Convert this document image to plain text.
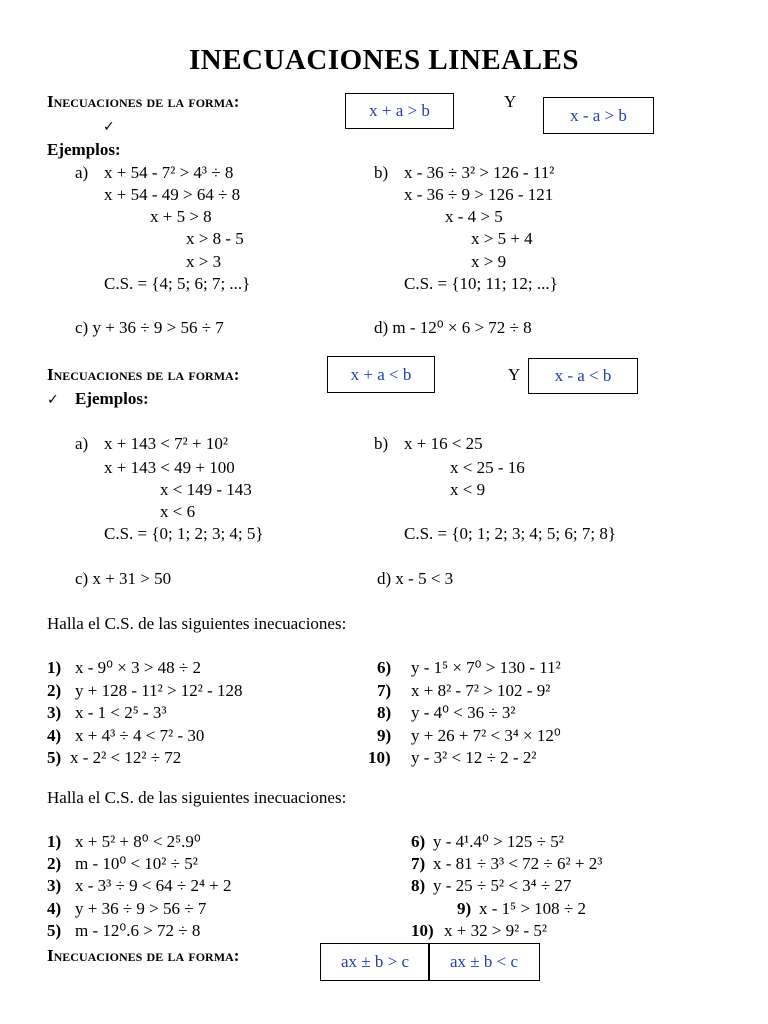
INECUACIONES LINEALES
Inecuaciones de la forma:	x + a > b	Y
x - a > b
✓
Ejemplos:
a) x + 54 - 7² > 4³ ÷ 8
x + 54 - 49 > 64 ÷ 8
x + 5 > 8
x > 8 - 5
x > 3
C.S. = {4; 5; 6; 7; ...}
b) x - 36 ÷ 3² > 126 - 11²
x - 36 ÷ 9 > 126 - 121
x - 4 > 5
x > 5 + 4
x > 9
C.S. = {10; 11; 12; ...}
c) y + 36 ÷ 9 > 56 ÷ 7	d) m - 12⁰ × 6 > 72 ÷ 8
Inecuaciones de la forma:	x + a < b	Y	x - a < b
✓ Ejemplos:
a) x + 143 < 7² + 10²
x + 143 < 49 + 100
x < 149 - 143
x < 6
C.S. = {0; 1; 2; 3; 4; 5}
b) x + 16 < 25
x < 25 - 16
x < 9
C.S. = {0; 1; 2; 3; 4; 5; 6; 7; 8}
c) x + 31 > 50	d) x - 5 < 3
Halla el C.S. de las siguientes inecuaciones:
1) x - 9⁰ × 3 > 48 ÷ 2
2) y + 128 - 11² > 12² - 128
3) x - 1 < 2⁵ - 3³
4) x + 4³ ÷ 4 < 7² - 30
5) x - 2² < 12² ÷ 72
6) y - 1⁵ × 7⁰ > 130 - 11²
7) x + 8² - 7² > 102 - 9²
8) y - 4⁰ < 36 ÷ 3²
9) y + 26 + 7² < 3⁴ × 12⁰
10) y - 3² < 12 ÷ 2 - 2²
Halla el C.S. de las siguientes inecuaciones:
1) x + 5² + 8⁰ < 2⁵.9⁰
2) m - 10⁰ < 10² ÷ 5²
3) x - 3³ ÷ 9 < 64 ÷ 2⁴ + 2
4) y + 36 ÷ 9 > 56 ÷ 7
5) m - 12⁰.6 > 72 ÷ 8
6) y - 4¹.4⁰ > 125 ÷ 5²
7) x - 81 ÷ 3³ < 72 ÷ 6² + 2³
8) y - 25 ÷ 5² < 3⁴ ÷ 27
9) x - 1⁵ > 108 ÷ 2
10) x + 32 > 9² - 5²
Inecuaciones de la forma:	ax ± b > c	ax ± b < c
